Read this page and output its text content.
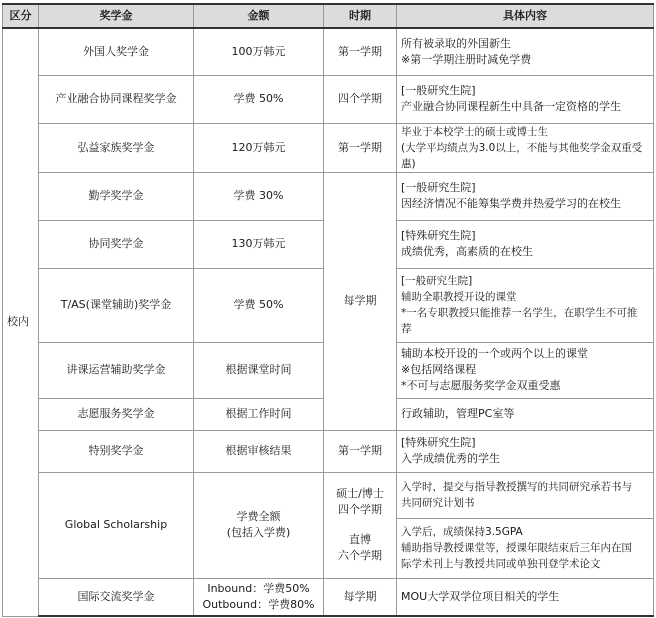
区分	奖学金	金额	时期	具体内容
校内	外国人奖学金	100万韩元	第一学期	所有被录取的外国新生
※第一学期注册时减免学费

	产业融合协同课程奖学金	学费 50%	四个学期	[一般研究生院]
产业融合协同课程新生中具备一定资格的学生

	弘益家族奖学金	120万韩元	第一学期	毕业于本校学士的硕士或博士生
(大学平均绩点为3.0以上，不能与其他奖学金双重受惠)

	勤学奖学金	学费 30%	每学期	[一般研究生院]
因经济情况不能筹集学费并热爱学习的在校生

	协同奖学金	130万韩元		[特殊研究生院]
成绩优秀，高素质的在校生

	T/AS(课堂辅助)奖学金	学费 50%		[一般研究生院]
辅助全职教授开设的课堂
*一名专职教授只能推荐一名学生，在职学生不可推
荐

	讲课运营辅助奖学金	根据课堂时间		辅助本校开设的一个或两个以上的课堂
※包括网络课程
*不可与志愿服务奖学金双重受惠

	志愿服务奖学金	根据工作时间		行政辅助，管理PC室等

	特别奖学金	根据审核结果	第一学期	[特殊研究生院]
入学成绩优秀的学生

	Global Scholarship	学费全额
(包括入学费)	硕士/博士
四个学期
直博
六个学期	入学时，提交与指导教授撰写的共同研究承若书与
共同研究计划书

				入学后，成绩保持3.5GPA
辅助指导教授课堂等，授课年限结束后三年内在国
际学术刊上与教授共同或单独刊登学术论文

	国际交流奖学金	Inbound：学费50%
Outbound：学费80%	每学期	MOU大学双学位项目相关的学生
